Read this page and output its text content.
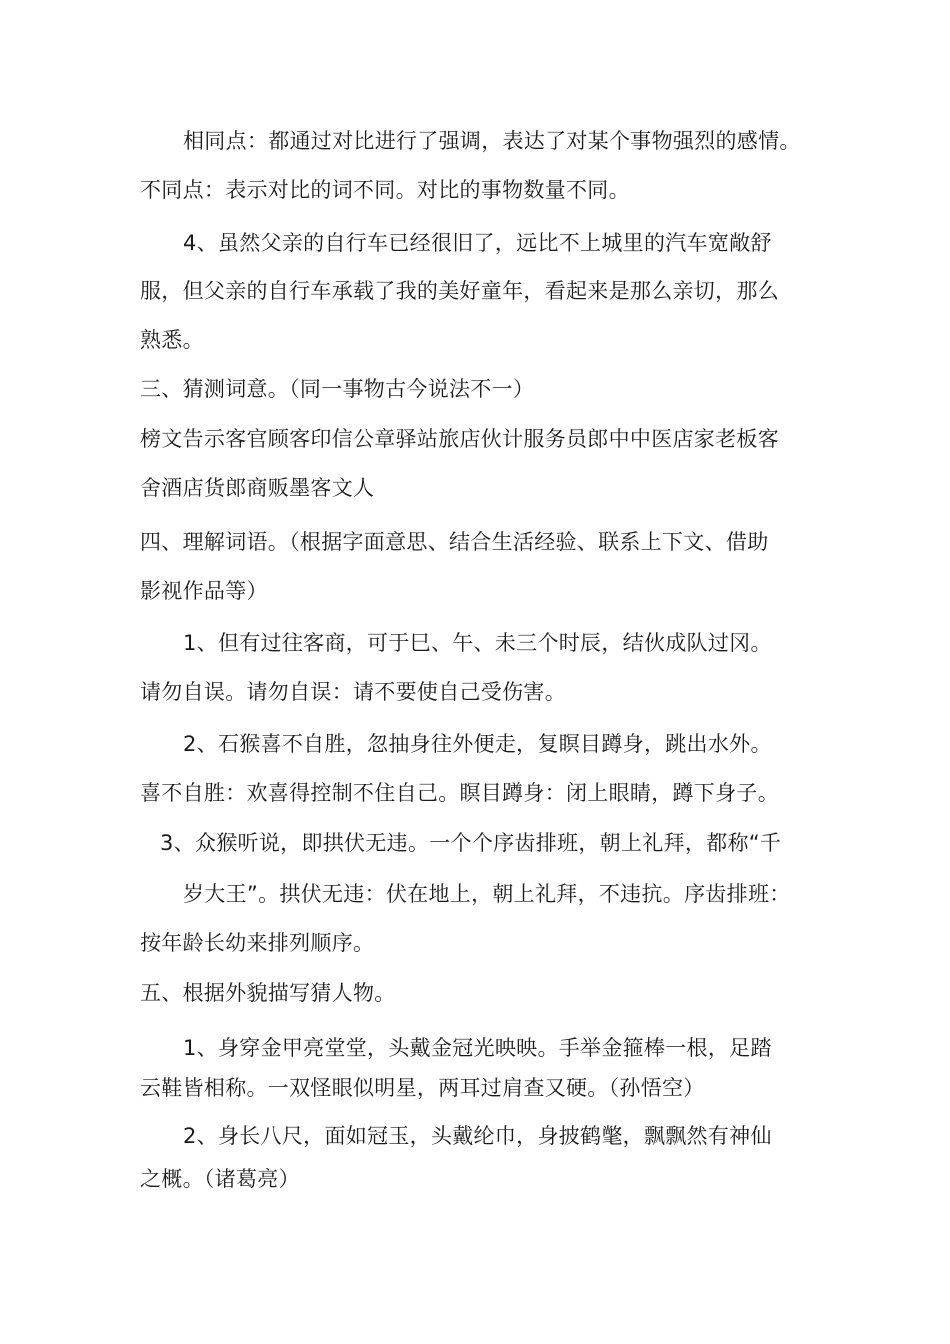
相同点：都通过对比进行了强调，表达了对某个事物强烈的感情。
不同点：表示对比的词不同。对比的事物数量不同。
4、虽然父亲的自行车已经很旧了，远比不上城里的汽车宽敞舒
服，但父亲的自行车承载了我的美好童年，看起来是那么亲切，那么
熟悉。
三、猜测词意。（同一事物古今说法不一）
榜文告示客官顾客印信公章驿站旅店伙计服务员郎中中医店家老板客
舍酒店货郎商贩墨客文人
四、理解词语。（根据字面意思、结合生活经验、联系上下文、借助
影视作品等）
1、但有过往客商，可于巳、午、未三个时辰，结伙成队过冈。
请勿自误。请勿自误：请不要使自己受伤害。
2、石猴喜不自胜，忽抽身往外便走，复瞑目蹲身，跳出水外。
喜不自胜：欢喜得控制不住自己。瞑目蹲身：闭上眼睛，蹲下身子。
3、众猴听说，即拱伏无违。一个个序齿排班，朝上礼拜，都称“千
岁大王”。拱伏无违：伏在地上，朝上礼拜，不违抗。序齿排班：
按年龄长幼来排列顺序。
五、根据外貌描写猜人物。
1、身穿金甲亮堂堂，头戴金冠光映映。手举金箍棒一根，足踏
云鞋皆相称。一双怪眼似明星，两耳过肩查又硬。（孙悟空）
2、身长八尺，面如冠玉，头戴纶巾，身披鹤氅，飘飘然有神仙
之概。（诸葛亮）
